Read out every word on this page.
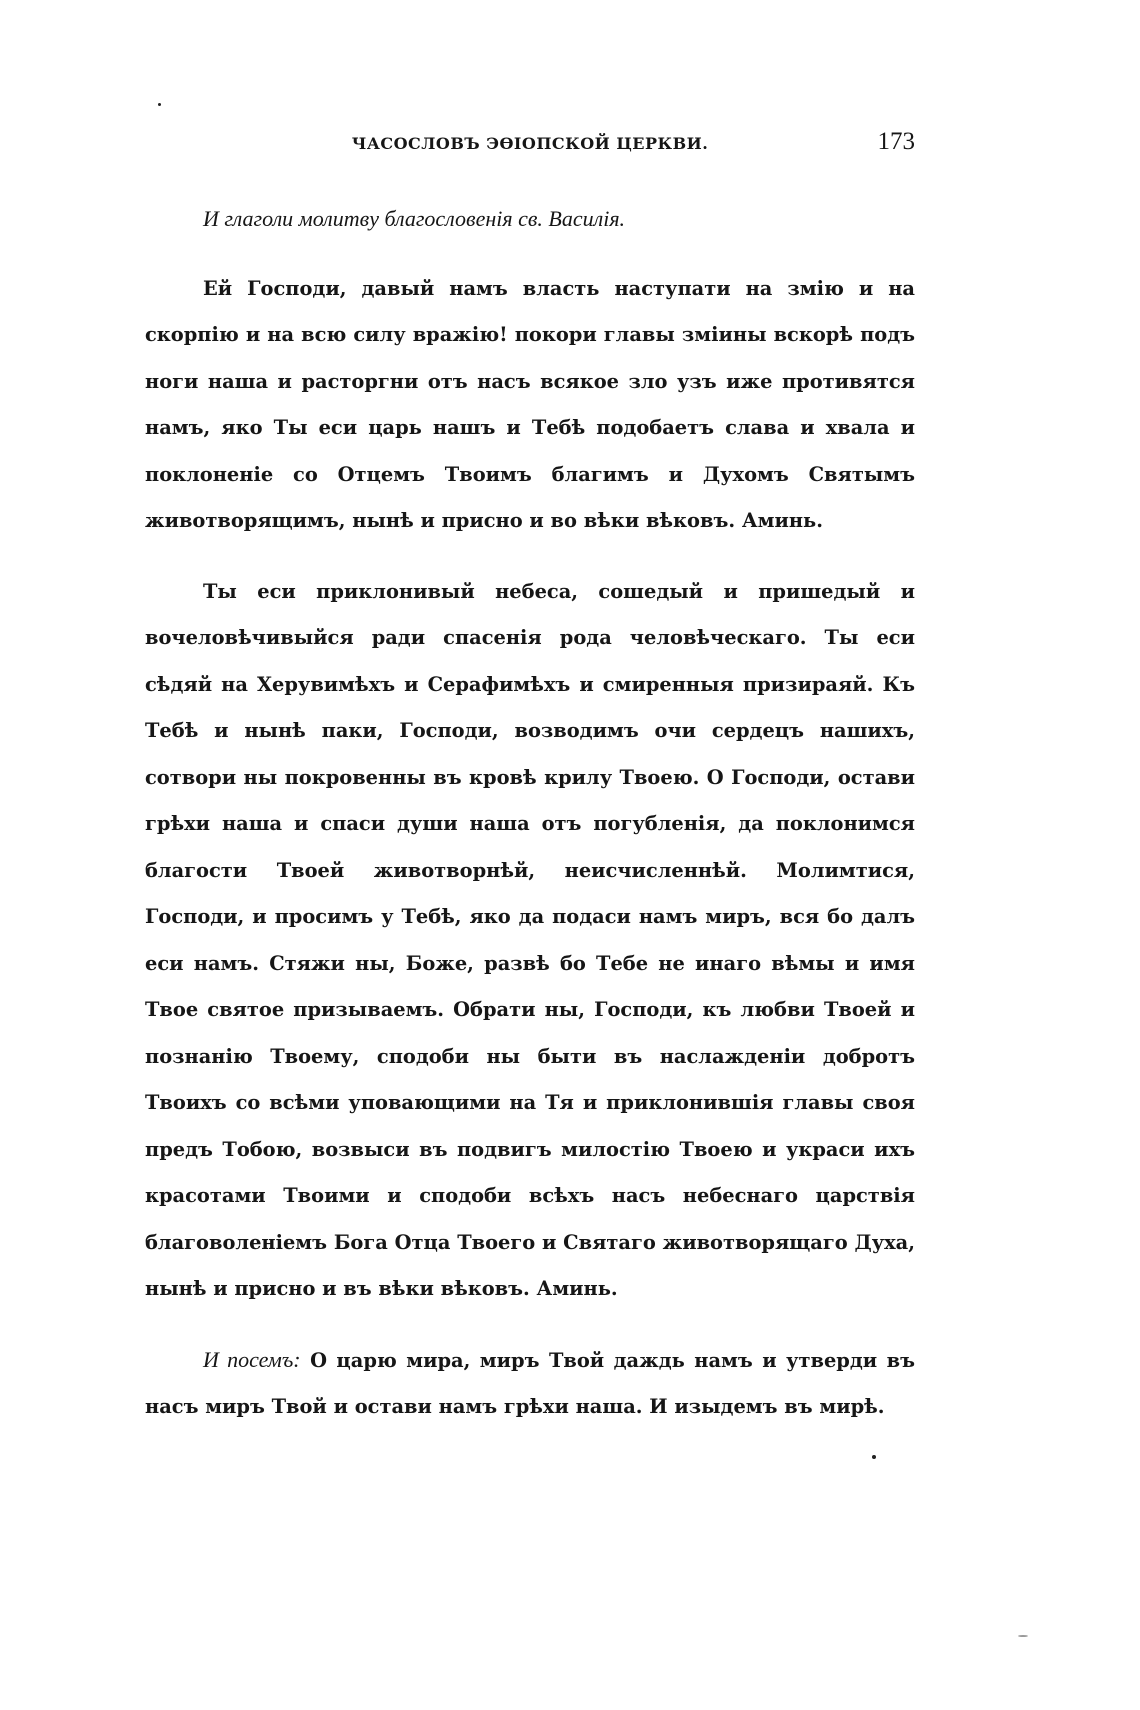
ЧАСОСЛОВЪ ЭѲІОПСКОЙ ЦЕРКВИ.	173

И глаголи молитву благословенія св. Василія.

Ей Господи, давый намъ власть наступати на змію и на скорпію и на всю силу вражію! покори главы зміины вскорѣ подъ ноги наша и расторгни отъ насъ всякое зло узъ иже противятся намъ, яко Ты еси царь нашъ и Тебѣ подобаетъ слава и хвала и поклоненіе со Отцемъ Твоимъ благимъ и Духомъ Святымъ животворящимъ, нынѣ и присно и во вѣки вѣковъ. Аминь.

Ты еси приклонивый небеса, сошедый и пришедый и вочеловѣчивыйся ради спасенія рода человѣческаго. Ты еси сѣдяй на Херувимѣхъ и Серафимѣхъ и смиренныя призираяй. Къ Тебѣ и нынѣ паки, Господи, возводимъ очи сердецъ нашихъ, сотвори ны покровенны въ кровѣ крилу Твоею. О Господи, остави грѣхи наша и спаси души наша отъ погубленія, да поклонимся благости Твоей животворнѣй, неисчисленнѣй. Молимтися, Господи, и просимъ у Тебѣ, яко да подаси намъ миръ, вся бо далъ еси намъ. Стяжи ны, Боже, развѣ бо Тебе не инаго вѣмы и имя Твое святое призываемъ. Обрати ны, Господи, къ любви Твоей и познанію Твоему, сподоби ны быти въ наслажденіи добротъ Твоихъ со всѣми уповающими на Тя и приклонившія главы своя предъ Тобою, возвыси въ подвигъ милостію Твоею и украси ихъ красотами Твоими и сподоби всѣхъ насъ небеснаго царствія благоволеніемъ Бога Отца Твоего и Святаго животворящаго Духа, нынѣ и присно и въ вѣки вѣковъ. Аминь.

И посемъ: О царю мира, миръ Твой даждь намъ и утверди въ насъ миръ Твой и остави намъ грѣхи наша. И изыдемъ въ мирѣ.
